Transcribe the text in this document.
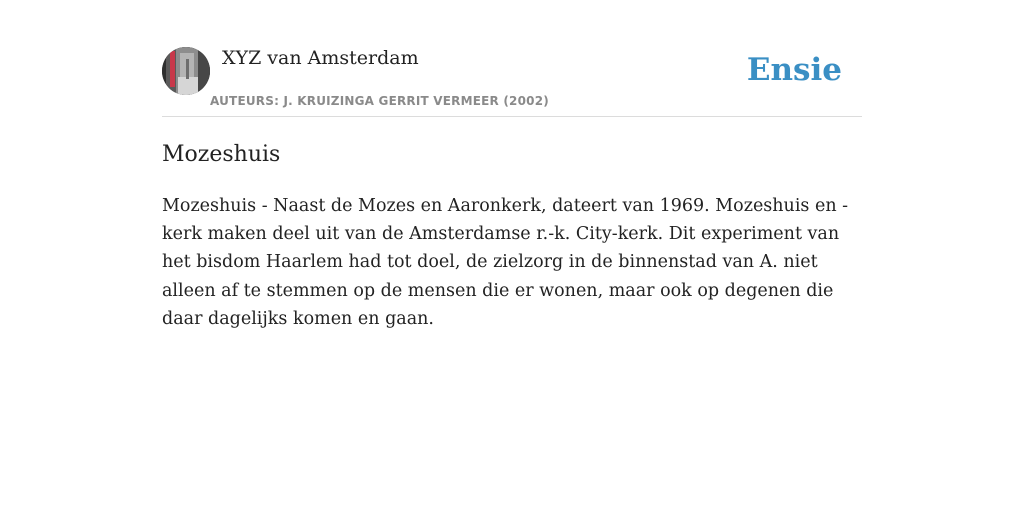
XYZ van Amsterdam
AUTEURS: J. KRUIZINGA GERRIT VERMEER (2002)
Ensie
Mozeshuis

Mozeshuis - Naast de Mozes en Aaronkerk, dateert van 1969. Mozeshuis en -kerk maken deel uit van de Amsterdamse r.-k. City-kerk. Dit experiment van het bisdom Haarlem had tot doel, de zielzorg in de binnenstad van A. niet alleen af te stemmen op de mensen die er wonen, maar ook op degenen die daar dagelijks komen en gaan.
